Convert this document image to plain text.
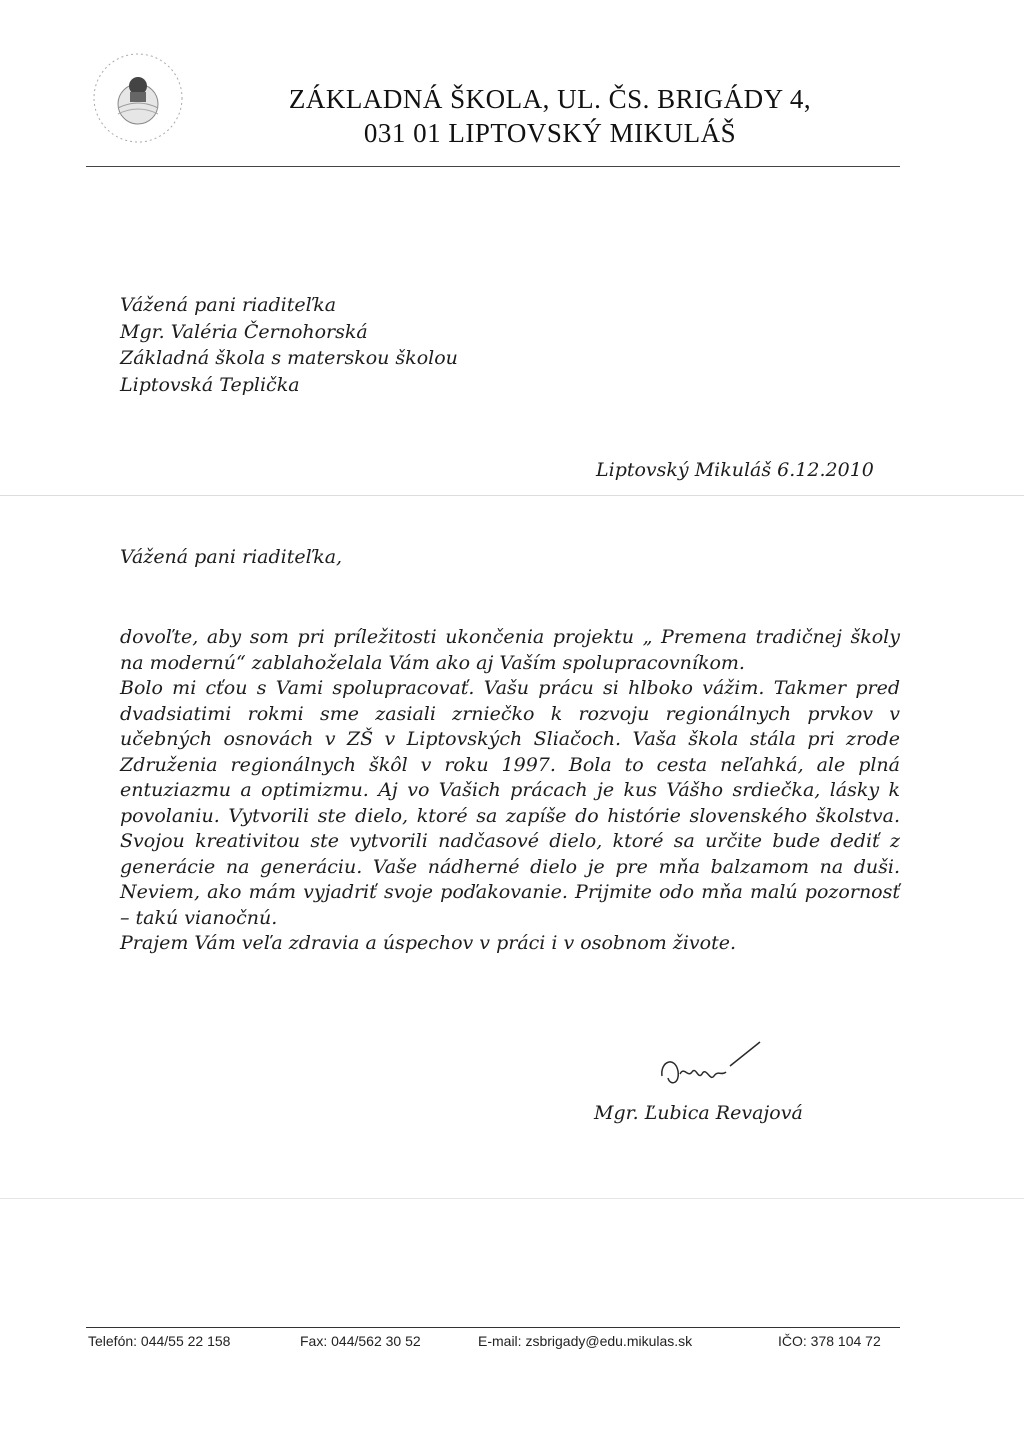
ZÁKLADNÁ ŠKOLA, UL. ČS. BRIGÁDY 4,
031 01 LIPTOVSKÝ MIKULÁŠ
Vážená pani riaditeľka
Mgr. Valéria Černohorská
Základná škola s materskou školou
Liptovská Teplička
Liptovský Mikuláš 6.12.2010
Vážená pani riaditeľka,

dovoľte, aby som pri príležitosti ukončenia projektu „ Premena tradičnej školy na modernú“ zablahoželala Vám ako aj Vaším spolupracovníkom.

Bolo mi cťou s Vami spolupracovať. Vašu prácu si hlboko vážim. Takmer pred dvadsiatimi rokmi sme zasiali zrniečko k rozvoju regionálnych prvkov v učebných osnovách v ZŠ v Liptovských Sliačoch. Vaša škola stála pri zrode Združenia regionálnych škôl v roku 1997. Bola to cesta neľahká, ale plná entuziazmu a optimizmu. Aj vo Vašich prácach je kus Vášho srdiečka, lásky k povolaniu. Vytvorili ste dielo, ktoré sa zapíše do histórie slovenského školstva. Svojou kreativitou ste vytvorili nadčasové dielo, ktoré sa určite bude dediť z generácie na generáciu. Vaše nádherné dielo je pre mňa balzamom na duši. Neviem, ako mám vyjadriť svoje poďakovanie. Prijmite odo mňa malú pozornosť – takú vianočnú.

Prajem Vám veľa zdravia a úspechov v práci i v osobnom živote.

Mgr. Ľubica Revajová
Telefón: 044/55 22 158	Fax: 044/562 30 52	E-mail: zsbrigady@edu.mikulas.sk	IČO: 378 104 72
